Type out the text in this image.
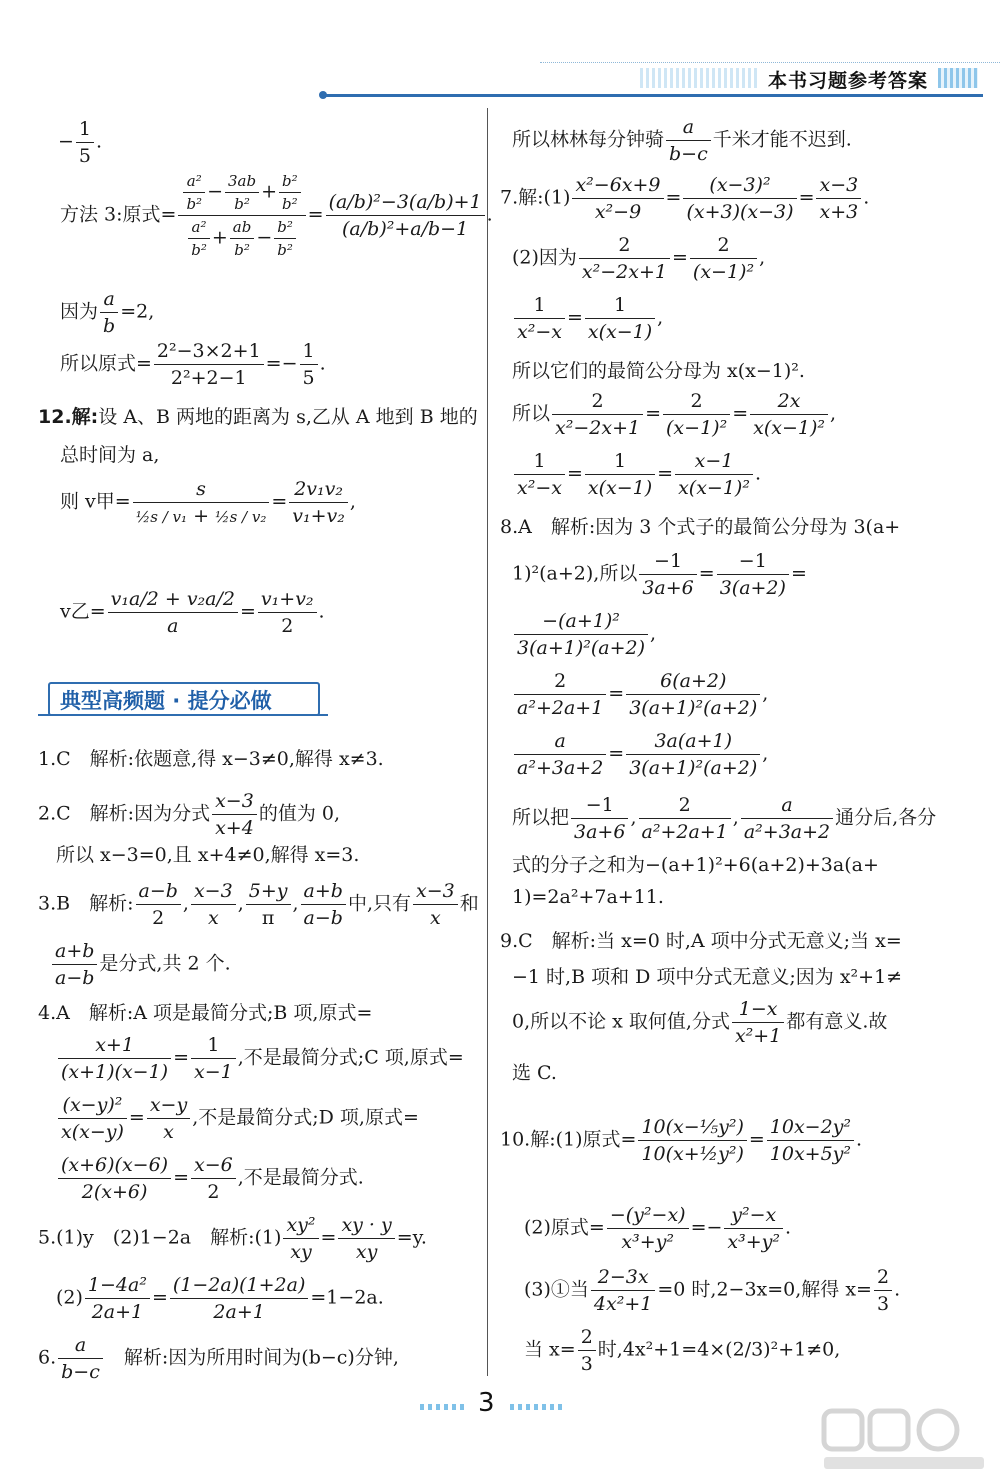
本书习题参考答案
− $\frac{1}{5}$ .
方法 3:原式=
$\frac{\text{a²}}{\text{b²}} - \frac{3ab}{\text{b²}} + \frac{\text{b²}}{\text{b²}}$
$\frac{\text{a²}}{\text{b²}} + \frac{ab}{\text{b²}} - \frac{\text{b²}}{\text{b²}}$
= $\frac{\text{(a/b)²−3(a/b)+1}}{\text{(a/b)²+a/b−1}}$ .
因为 $\frac{a}{b} =2$,
所以原式= $\frac{\text{2²−3×2+1}}{\text{2²+2−1}} =- \frac{1}{5}$ .
12.解:设 A、B 两地的距离为 s,乙从 A 地到 B 地的
总时间为 a,
则 v甲= $\frac{s}{\text{½s / v₁ + ½s / v₂}} = \frac{\text{2v₁v₂}}{\text{v₁+v₂}}$ ,
v乙= $\frac{\text{v₁a/2 + v₂a/2}}{a} = \frac{\text{v₁+v₂}}{2}$ .
典型高频题 · 提分必做
1.C　解析:依题意,得 x−3≠0,解得 x≠3.
2.C　解析:因为分式 $\frac{x-3}{x+4}$ 的值为 0,
所以 x−3=0,且 x+4≠0,解得 x=3.
3.B　解析: $\frac{a-b}{2}$ , $\frac{x-3}{x}$ , $\frac{5+y}{\pi}$ , $\frac{a+b}{a-b}$ 中,只有 $\frac{x-3}{x}$ 和
$\frac{a+b}{a-b}$ 是分式,共 2 个.
4.A　解析:A 项是最简分式;B 项,原式=
$\frac{x+1}{(x+1)(x-1)} = \frac{1}{x-1}$ ,不是最简分式;C 项,原式=
$\frac{\text{(x−y)²}}{x(x-y)} = \frac{x-y}{x}$ ,不是最简分式;D 项,原式=
$\frac{(x+6)(x-6)}{2(x+6)} = \frac{x-6}{2}$ ,不是最简分式.
5.(1)y　(2)1−2a　解析:(1) $\frac{\text{xy²}}{xy} = \frac{xy \cdot y}{xy} =y$.
$(2) \frac{\text{1−4a²}}{2a+1} = \frac{(1-2a)(1+2a)}{2a+1} =1-2a$.
6. $\frac{a}{b-c}$ 　解析:因为所用时间为(b−c)分钟,
所以林林每分钟骑 $\frac{a}{b-c}$ 千米才能不迟到.
7.解:(1) $\frac{\text{x²−6x+9}}{\text{x²−9}} = \frac{\text{(x−3)²}}{(x+3)(x-3)} = \frac{x-3}{x+3}$ .
(2)因为 $\frac{2}{\text{x²−2x+1}} = \frac{2}{\text{(x−1)²}}$ ,
$\frac{1}{\text{x²−x}} = \frac{1}{x(x-1)}$ ,
所以它们的最简公分母为 x(x−1)².
所以 $\frac{2}{\text{x²−2x+1}} = \frac{2}{\text{(x−1)²}} = \frac{2x}{\text{x(x−1)²}}$ ,
$\frac{1}{\text{x²−x}} = \frac{1}{x(x-1)} = \frac{x-1}{\text{x(x−1)²}}$ .
8.A　解析:因为 3 个式子的最简公分母为 3(a+
1)²(a+2),所以 $\frac{-1}{3a+6} = \frac{-1}{3(a+2)}$ =
$\frac{\text{−(a+1)²}}{\text{3(a+1)²(a+2)}}$ ,
$\frac{2}{\text{a²+2a+1}} = \frac{6(a+2)}{\text{3(a+1)²(a+2)}}$ ,
$\frac{a}{\text{a²+3a+2}} = \frac{3a(a+1)}{\text{3(a+1)²(a+2)}}$ ,
所以把 $\frac{-1}{3a+6}$ , $\frac{2}{\text{a²+2a+1}}$ , $\frac{a}{\text{a²+3a+2}}$ 通分后,各分
式的分子之和为−(a+1)²+6(a+2)+3a(a+
1)=2a²+7a+11.
9.C　解析:当 x=0 时,A 项中分式无意义;当 x=
−1 时,B 项和 D 项中分式无意义;因为 x²+1≠
0,所以不论 x 取何值,分式 $\frac{1-x}{\text{x²+1}}$ 都有意义.故
选 C.
10.解:(1)原式= $\frac{\text{10(x−⅕y²)}}{\text{10(x+½y²)}} = \frac{\text{10x−2y²}}{\text{10x+5y²}}$ .
(2)原式= $\frac{\text{−(y²−x)}}{\text{x³+y²}} =- \frac{\text{y²−x}}{\text{x³+y²}}$ .
(3)①当 $\frac{2-3x}{\text{4x²+1}} =0$ 时,2−3x=0,解得 $x= \frac{2}{3}$ .
当 $x= \frac{2}{3}$ 时,4x²+1=4×(2/3)²+1≠0,
3
